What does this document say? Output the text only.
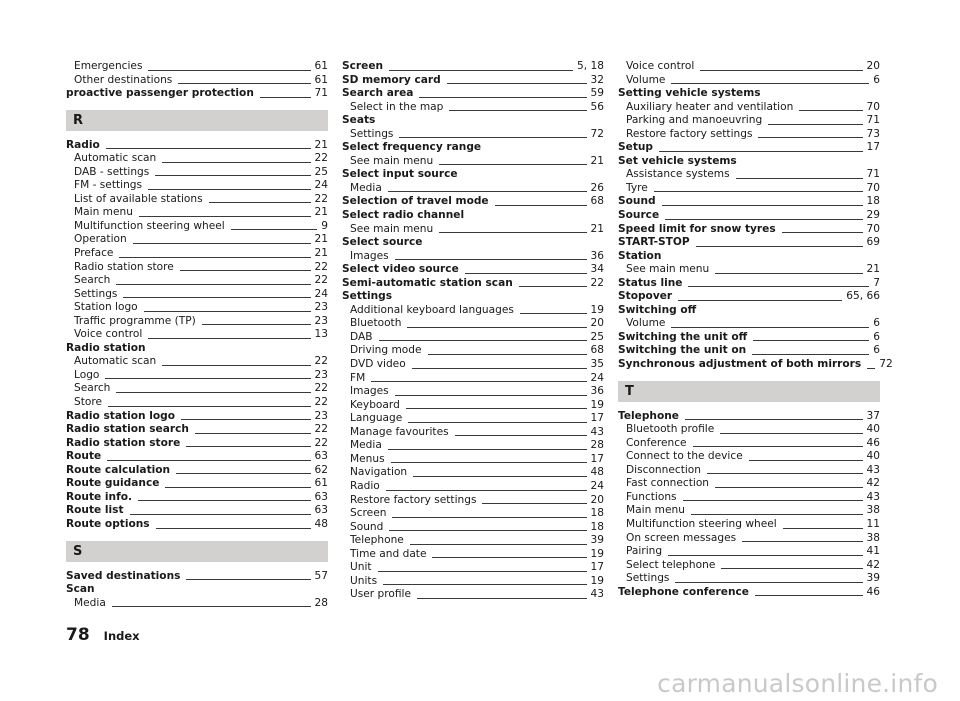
Emergencies	61
Other destinations	61
proactive passenger protection	71
R
Radio	21
Automatic scan	22
DAB - settings	25
FM - settings	24
List of available stations	22
Main menu	21
Multifunction steering wheel	9
Operation	21
Preface	21
Radio station store	22
Search	22
Settings	24
Station logo	23
Traffic programme (TP)	23
Voice control	13
Radio station
Automatic scan	22
Logo	23
Search	22
Store	22
Radio station logo	23
Radio station search	22
Radio station store	22
Route	63
Route calculation	62
Route guidance	61
Route info.	63
Route list	63
Route options	48
S
Saved destinations	57
Scan
Media	28
Screen	5, 18
SD memory card	32
Search area	59
Select in the map	56
Seats
Settings	72
Select frequency range
See main menu	21
Select input source
Media	26
Selection of travel mode	68
Select radio channel
See main menu	21
Select source
Images	36
Select video source	34
Semi-automatic station scan	22
Settings
Additional keyboard languages	19
Bluetooth	20
DAB	25
Driving mode	68
DVD video	35
FM	24
Images	36
Keyboard	19
Language	17
Manage favourites	43
Media	28
Menus	17
Navigation	48
Radio	24
Restore factory settings	20
Screen	18
Sound	18
Telephone	39
Time and date	19
Unit	17
Units	19
User profile	43
Voice control	20
Volume	6
Setting vehicle systems
Auxiliary heater and ventilation	70
Parking and manoeuvring	71
Restore factory settings	73
Setup	17
Set vehicle systems
Assistance systems	71
Tyre	70
Sound	18
Source	29
Speed limit for snow tyres	70
START-STOP	69
Station
See main menu	21
Status line	7
Stopover	65, 66
Switching off
Volume	6
Switching the unit off	6
Switching the unit on	6
Synchronous adjustment of both mirrors 72
T
Telephone	37
Bluetooth profile	40
Conference	46
Connect to the device	40
Disconnection	43
Fast connection	42
Functions	43
Main menu	38
Multifunction steering wheel	11
On screen messages	38
Pairing	41
Select telephone	42
Settings	39
Telephone conference	46
78 Index
carmanualsonline.info
